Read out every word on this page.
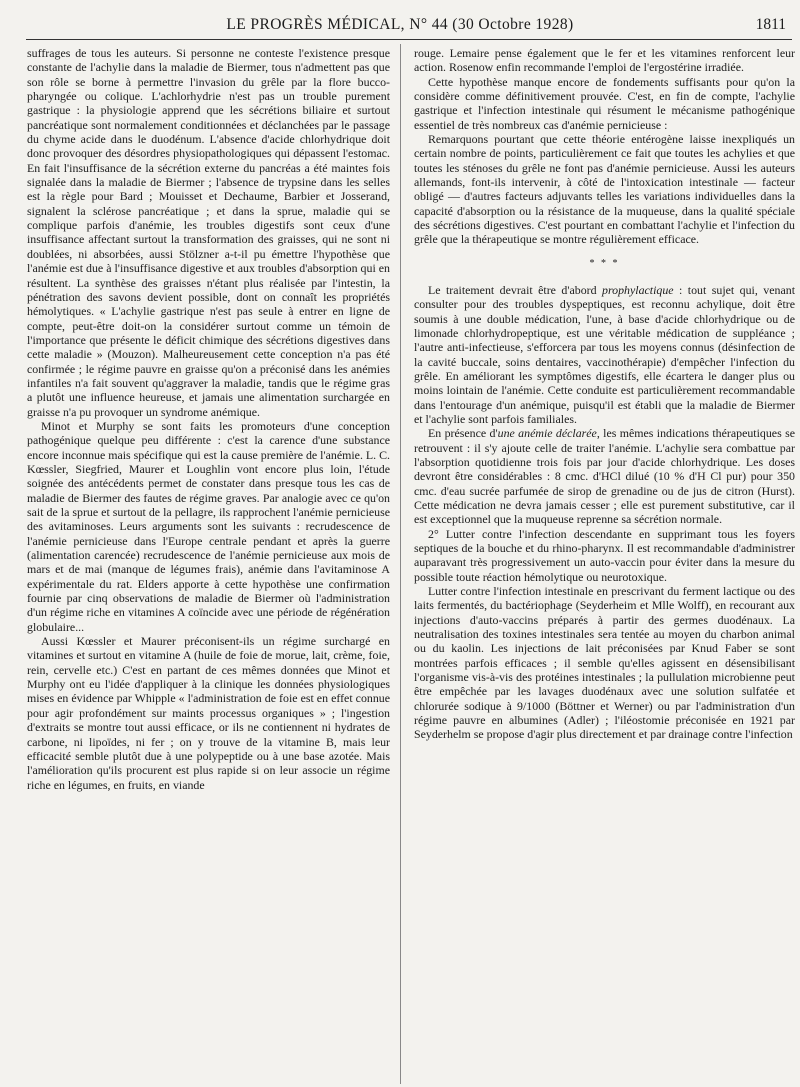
LE PROGRÈS MÉDICAL, N° 44 (30 Octobre 1928)	1811

suffrages de tous les auteurs. Si personne ne conteste l'existence presque constante de l'achylie dans la maladie de Biermer, tous n'admettent pas que son rôle se borne à permettre l'invasion du grêle par la flore bucco-pharyngée ou colique. L'achlorhydrie n'est pas un trouble purement gastrique : la physiologie apprend que les sécrétions biliaire et surtout pancréatique sont normalement conditionnées et déclanchées par le passage du chyme acide dans le duodénum. L'absence d'acide chlorhydrique doit donc provoquer des désordres physiopathologiques qui dépassent l'estomac. En fait l'insuffisance de la sécrétion externe du pancréas a été maintes fois signalée dans la maladie de Biermer ; l'absence de trypsine dans les selles est la règle pour Bard ; Mouisset et Dechaume, Barbier et Josserand, signalent la sclérose pancréatique ; et dans la sprue, maladie qui se complique parfois d'anémie, les troubles digestifs sont ceux d'une insuffisance affectant surtout la transformation des graisses, qui ne sont ni doublées, ni absorbées, aussi Stölzner a-t-il pu émettre l'hypothèse que l'anémie est due à l'insuffisance digestive et aux troubles d'absorption qui en résultent. La synthèse des graisses n'étant plus réalisée par l'intestin, la pénétration des savons devient possible, dont on connaît les propriétés hémolytiques. « L'achylie gastrique n'est pas seule à entrer en ligne de compte, peut-être doit-on la considérer surtout comme un témoin de l'importance que présente le déficit chimique des sécrétions digestives dans cette maladie » (Mouzon). Malheureusement cette conception n'a pas été confirmée ; le régime pauvre en graisse qu'on a préconisé dans les anémies infantiles n'a fait souvent qu'aggraver la maladie, tandis que le régime gras a plutôt une influence heureuse, et jamais une alimentation surchargée en graisse n'a pu provoquer un syndrome anémique.

Minot et Murphy se sont faits les promoteurs d'une conception pathogénique quelque peu différente : c'est la carence d'une substance encore inconnue mais spécifique qui est la cause première de l'anémie. L. C. Kœssler, Siegfried, Maurer et Loughlin vont encore plus loin, l'étude soignée des antécédents permet de constater dans presque tous les cas de maladie de Biermer des fautes de régime graves. Par analogie avec ce qu'on sait de la sprue et surtout de la pellagre, ils rapprochent l'anémie pernicieuse des avitaminoses. Leurs arguments sont les suivants : recrudescence de l'anémie pernicieuse dans l'Europe centrale pendant et après la guerre (alimentation carencée) recrudescence de l'anémie pernicieuse aux mois de mars et de mai (manque de légumes frais), anémie dans l'avitaminose A expérimentale du rat. Elders apporte à cette hypothèse une confirmation fournie par cinq observations de maladie de Biermer où l'administration d'un régime riche en vitamines A coïncide avec une période de régénération globulaire...

Aussi Kœssler et Maurer préconisent-ils un régime surchargé en vitamines et surtout en vitamine A (huile de foie de morue, lait, crème, foie, rein, cervelle etc.) C'est en partant de ces mêmes données que Minot et Murphy ont eu l'idée d'appliquer à la clinique les données physiologiques mises en évidence par Whipple « l'administration de foie est en effet connue pour agir profondément sur maints processus organiques » ; l'ingestion d'extraits se montre tout aussi efficace, or ils ne contiennent ni hydrates de carbone, ni lipoïdes, ni fer ; on y trouve de la vitamine B, mais leur efficacité semble plutôt due à une polypeptide ou à une base azotée. Mais l'amélioration qu'ils procurent est plus rapide si on leur associe un régime riche en légumes, en fruits, en viande

rouge. Lemaire pense également que le fer et les vitamines renforcent leur action. Rosenow enfin recommande l'emploi de l'ergostérine irradiée.

Cette hypothèse manque encore de fondements suffisants pour qu'on la considère comme définitivement prouvée. C'est, en fin de compte, l'achylie gastrique et l'infection intestinale qui résument le mécanisme pathogénique essentiel de très nombreux cas d'anémie pernicieuse :

Remarquons pourtant que cette théorie entérogène laisse inexpliqués un certain nombre de points, particulièrement ce fait que toutes les achylies et que toutes les sténoses du grêle ne font pas d'anémie pernicieuse. Aussi les auteurs allemands, font-ils intervenir, à côté de l'intoxication intestinale — facteur obligé — d'autres facteurs adjuvants telles les variations individuelles dans la capacité d'absorption ou la résistance de la muqueuse, dans la qualité spéciale des sécrétions digestives. C'est pourtant en combattant l'achylie et l'infection du grêle que la thérapeutique se montre régulièrement efficace.

* * *

Le traitement devrait être d'abord prophylactique : tout sujet qui, venant consulter pour des troubles dyspeptiques, est reconnu achylique, doit être soumis à une double médication, l'une, à base d'acide chlorhydrique ou de limonade chlorhydropeptique, est une véritable médication de suppléance ; l'autre anti-infectieuse, s'efforcera par tous les moyens connus (désinfection de la cavité buccale, soins dentaires, vaccinothérapie) d'empêcher l'infection du grêle. En améliorant les symptômes digestifs, elle écartera le danger plus ou moins lointain de l'anémie. Cette conduite est particulièrement recommandable dans l'entourage d'un anémique, puisqu'il est établi que la maladie de Biermer et l'achylie sont parfois familiales.

En présence d'une anémie déclarée, les mêmes indications thérapeutiques se retrouvent : il s'y ajoute celle de traiter l'anémie. L'achylie sera combattue par l'absorption quotidienne trois fois par jour d'acide chlorhydrique. Les doses devront être considérables : 8 cmc. d'HCl dilué (10 % d'H Cl pur) pour 350 cmc. d'eau sucrée parfumée de sirop de grenadine ou de jus de citron (Hurst). Cette médication ne devra jamais cesser ; elle est purement substitutive, car il est exceptionnel que la muqueuse reprenne sa sécrétion normale.

2° Lutter contre l'infection descendante en supprimant tous les foyers septiques de la bouche et du rhino-pharynx. Il est recommandable d'administrer auparavant très progressivement un auto-vaccin pour éviter dans la mesure du possible toute réaction hémolytique ou neurotoxique.

Lutter contre l'infection intestinale en prescrivant du ferment lactique ou des laits fermentés, du bactériophage (Seyderheim et Mlle Wolff), en recourant aux injections d'auto-vaccins préparés à partir des germes duodénaux. La neutralisation des toxines intestinales sera tentée au moyen du charbon animal ou du kaolin. Les injections de lait préconisées par Knud Faber se sont montrées parfois efficaces ; il semble qu'elles agissent en désensibilisant l'organisme vis-à-vis des protéines intestinales ; la pullulation microbienne peut être empêchée par les lavages duodénaux avec une solution sulfatée et chlorurée sodique à 9/1000 (Böttner et Werner) ou par l'administration d'un régime pauvre en albumines (Adler) ; l'iléostomie préconisée en 1921 par Seyderhelm se propose d'agir plus directement et par drainage contre l'infection
